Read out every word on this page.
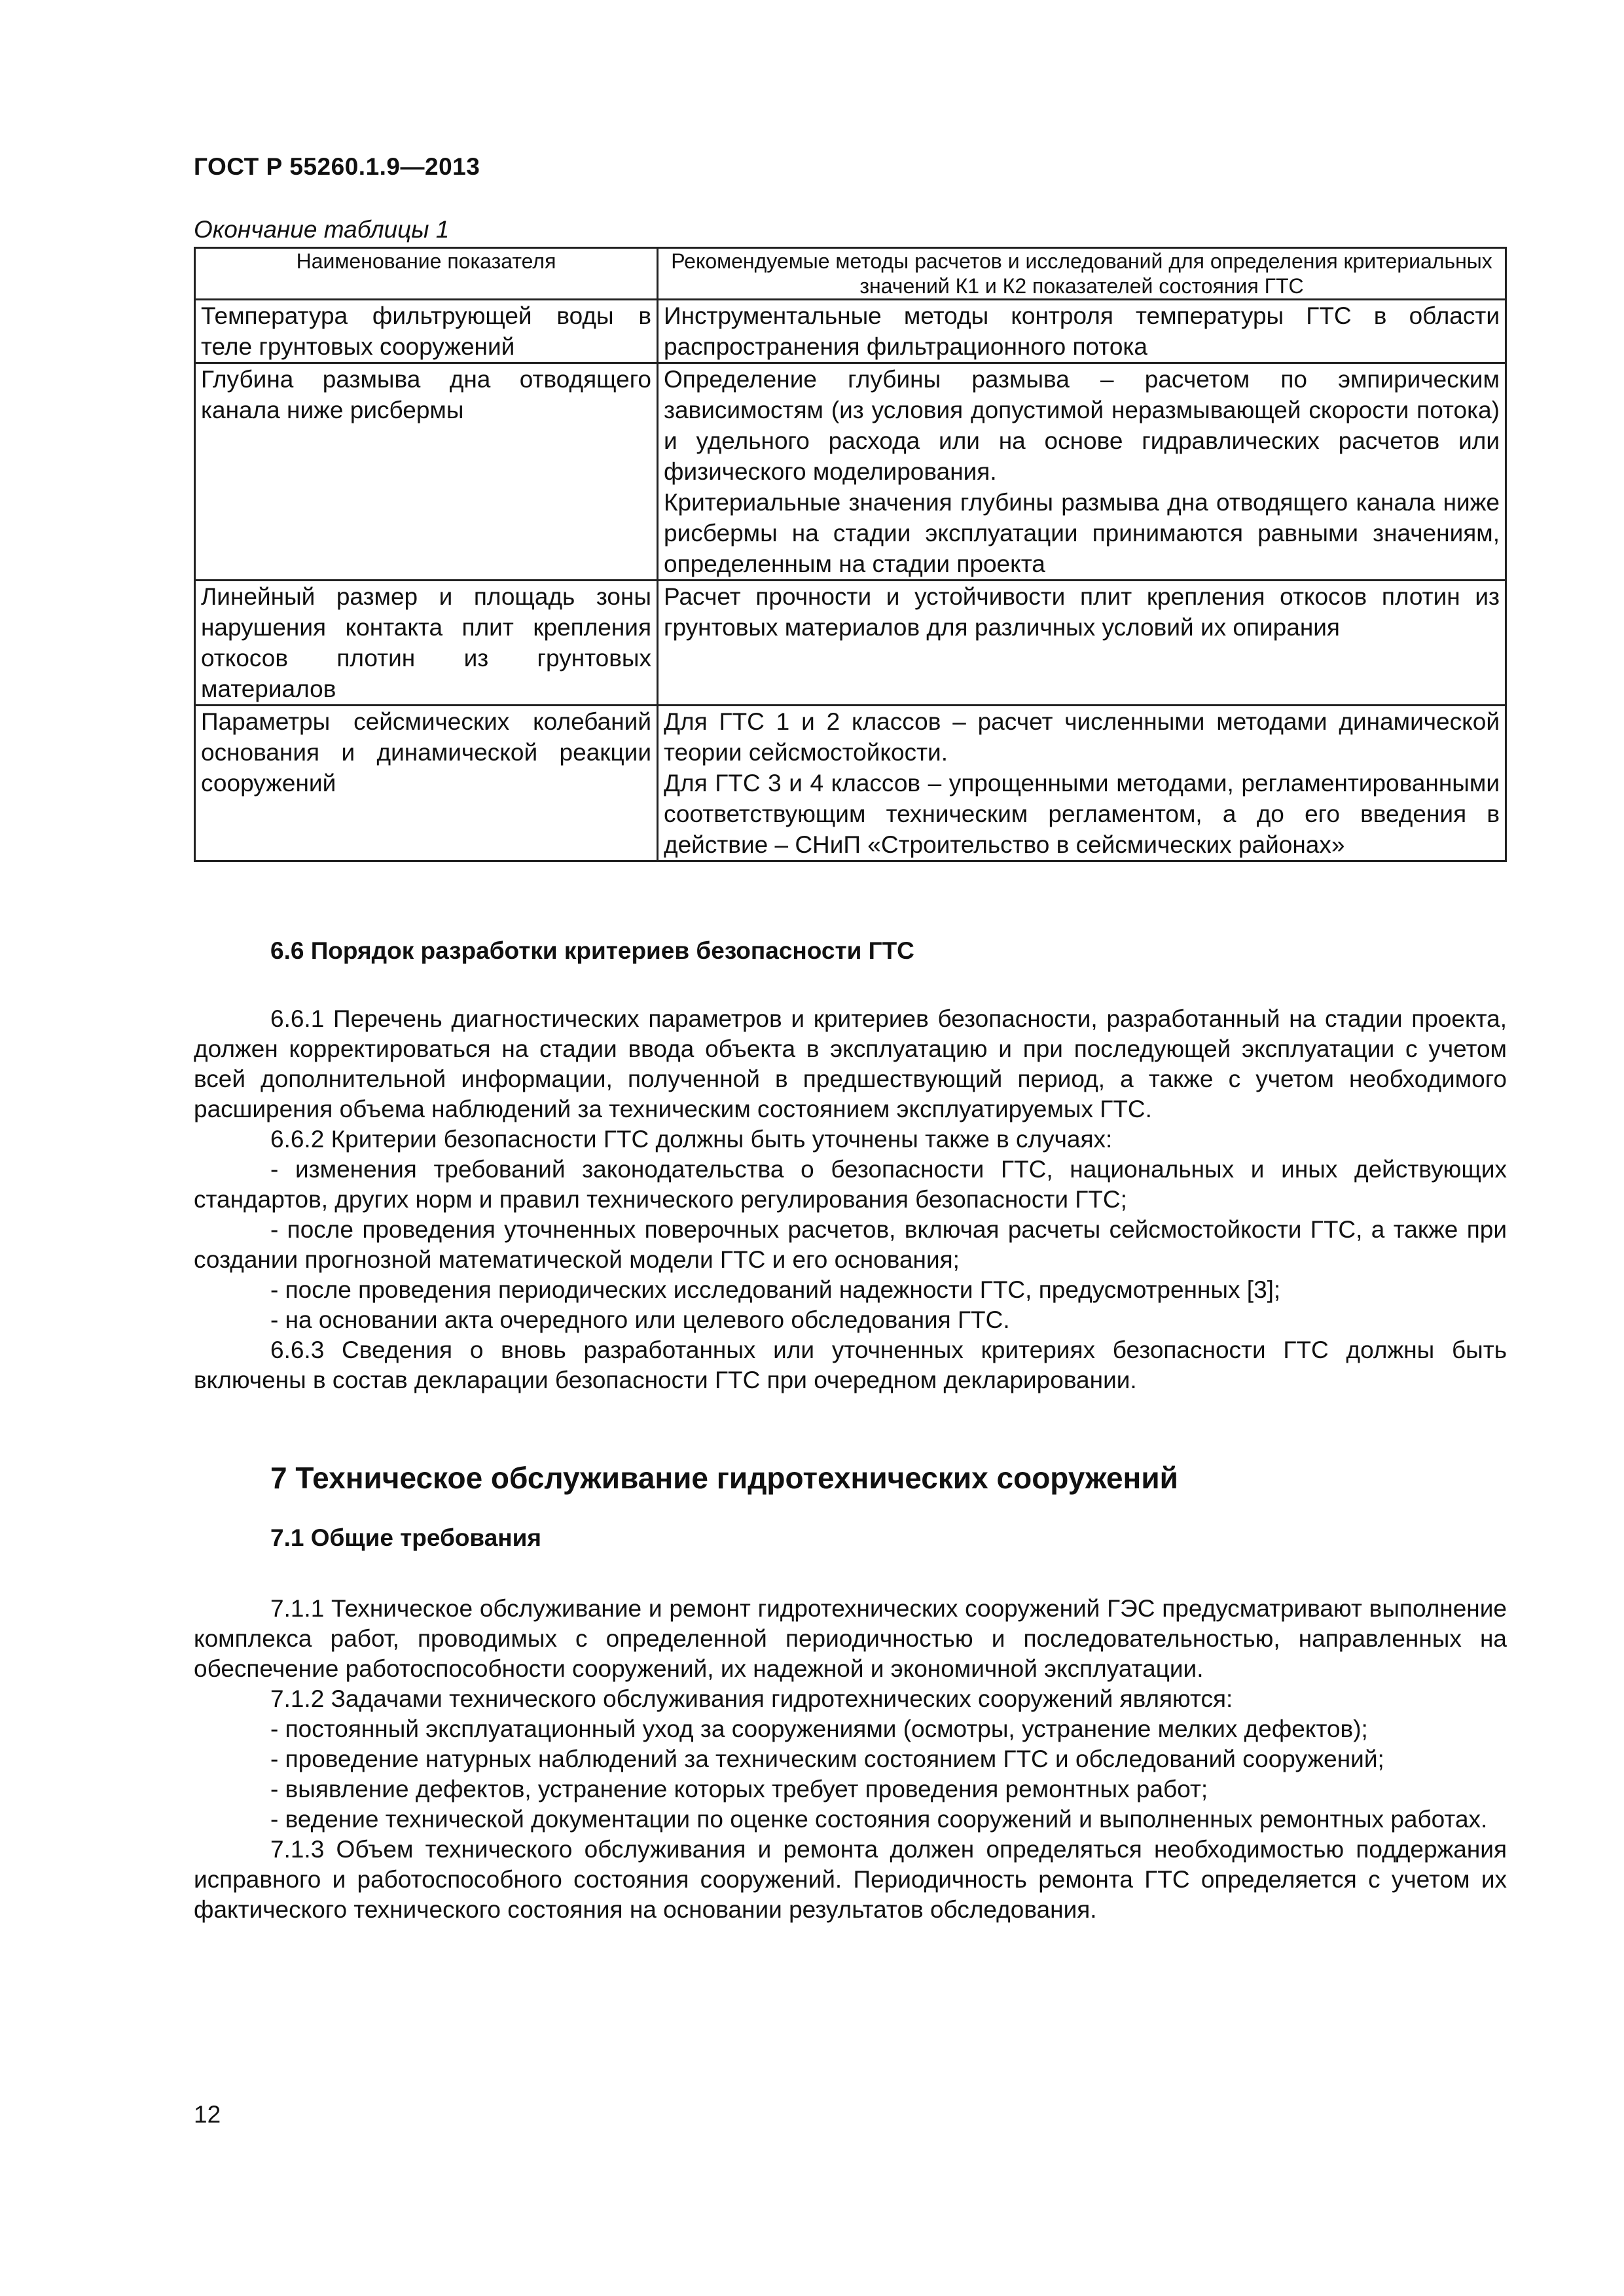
ГОСТ Р 55260.1.9—2013
Окончание таблицы 1
Наименование показателя	Рекомендуемые методы расчетов и исследований для определения критериальных значений К1 и К2 показателей состояния ГТС
Температура фильтрующей воды в теле грунтовых сооружений	Инструментальные методы контроля температуры ГТС в области распространения фильтрационного потока

Глубина размыва дна отводящего канала ниже рисбермы	Определение глубины размыва – расчетом по эмпирическим зависимостям (из условия допустимой неразмывающей скорости потока) и удельного расхода или на основе гидравлических расчетов или физического моделирования.

Критериальные значения глубины размыва дна отводящего канала ниже рисбермы на стадии эксплуатации принимаются равными значениям, определенным на стадии проекта

Линейный размер и площадь зоны нарушения контакта плит крепления откосов плотин из грунтовых материалов	Расчет прочности и устойчивости плит крепления откосов плотин из грунтовых материалов для различных условий их опирания

Параметры сейсмических колебаний основания и динамической реакции сооружений	Для ГТС 1 и 2 классов – расчет численными методами динамической теории сейсмостойкости.

Для ГТС 3 и 4 классов – упрощенными методами, регламентированными соответствующим техническим регламентом, а до его введения в действие – СНиП «Строительство в сейсмических районах»

6.6 Порядок разработки критериев безопасности ГТС

6.6.1 Перечень диагностических параметров и критериев безопасности, разработанный на стадии проекта, должен корректироваться на стадии ввода объекта в эксплуатацию и при последующей эксплуатации с учетом всей дополнительной информации, полученной в предшествующий период, а также с учетом необходимого расширения объема наблюдений за техническим состоянием эксплуатируемых ГТС.

6.6.2 Критерии безопасности ГТС должны быть уточнены также в случаях:

- изменения требований законодательства о безопасности ГТС, национальных и иных действующих стандартов, других норм и правил технического регулирования безопасности ГТС;

- после проведения уточненных поверочных расчетов, включая расчеты сейсмостойкости ГТС, а также при создании прогнозной математической модели ГТС и его основания;

- после проведения периодических исследований надежности ГТС, предусмотренных [3];

- на основании акта очередного или целевого обследования ГТС.

6.6.3 Сведения о вновь разработанных или уточненных критериях безопасности ГТС должны быть включены в состав декларации безопасности ГТС при очередном декларировании.

7 Техническое обслуживание гидротехнических сооружений
7.1 Общие требования

7.1.1 Техническое обслуживание и ремонт гидротехнических сооружений ГЭС предусматривают выполнение комплекса работ, проводимых с определенной периодичностью и последовательностью, направленных на обеспечение работоспособности сооружений, их надежной и экономичной эксплуатации.

7.1.2 Задачами технического обслуживания гидротехнических сооружений являются:

- постоянный эксплуатационный уход за сооружениями (осмотры, устранение мелких дефектов);

- проведение натурных наблюдений за техническим состоянием ГТС и обследований сооружений;

- выявление дефектов, устранение которых требует проведения ремонтных работ;

- ведение технической документации по оценке состояния сооружений и выполненных ремонтных работах.

7.1.3 Объем технического обслуживания и ремонта должен определяться необходимостью поддержания исправного и работоспособного состояния сооружений. Периодичность ремонта ГТС определяется с учетом их фактического технического состояния на основании результатов обследования.

12
